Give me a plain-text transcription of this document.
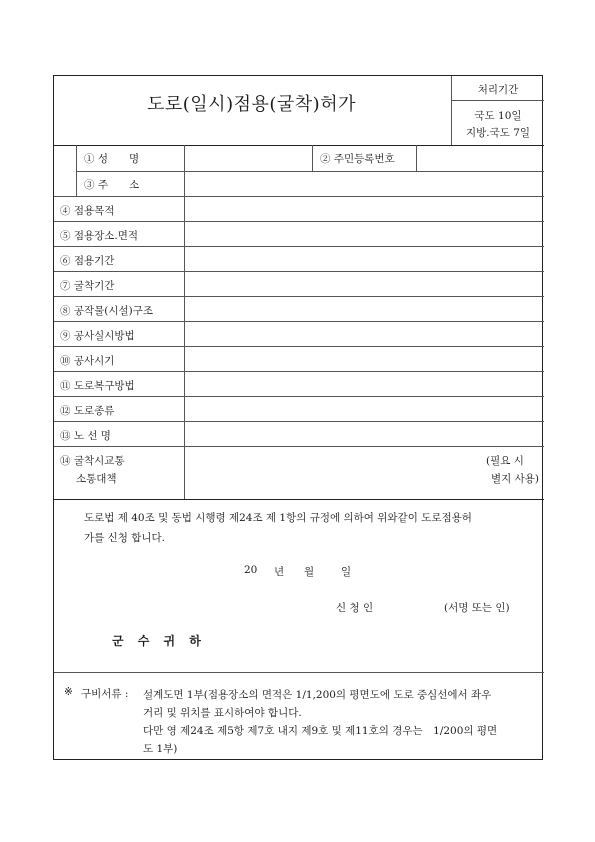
도로(일시)점용(굴착)허가
처리기간
국도 10일
지방.국도 7일
① 성　　명	② 주민등록번호
③ 주　　소
④ 점용목적
⑤ 점용장소.면적
⑥ 점용기간
⑦ 굴착기간
⑧ 공작물(시설)구조
⑨ 공사실시방법
⑩ 공사시기
⑪ 도로복구방법
⑫ 도로종류
⑬ 노 선 명
⑭ 굴착시교통
소통대책
(필요 시
별지 사용)
도로법 제 40조 및 동법 시행령 제24조 제 1항의 규정에 의하여 위와같이 도로점용허
가를 신청 합니다.
20 년 월	일
신 청 인	(서명 또는 인)
군 수 귀 하
※ 구비서류 : 설계도면 1부(점용장소의 면적은 1/1,200의 평면도에 도로 중심선에서 좌우
거리 및 위치를 표시하여야 합니다.
다만 영 제24조 제5항 제7호 내지 제9호 및 제11호의 경우는　1/200의 평면
도 1부)
